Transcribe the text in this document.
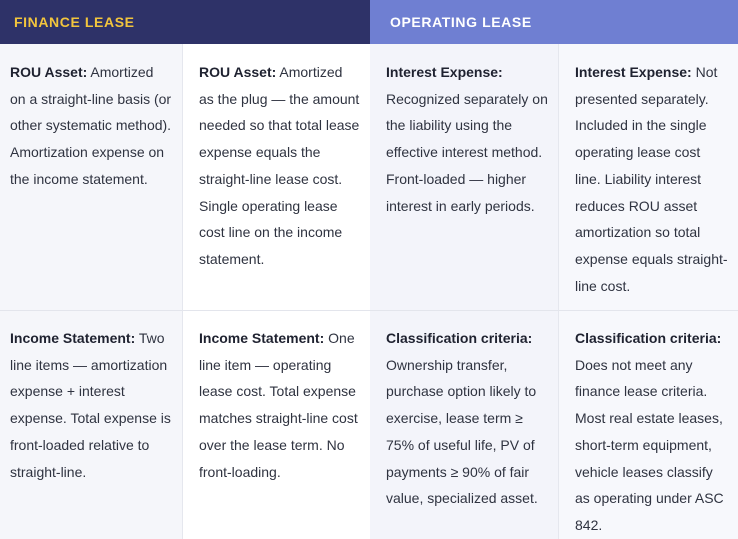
FINANCE LEASE	OPERATING LEASE
ROU Asset: Amortized on a straight-line basis (or other systematic method). Amortization expense on the income statement.
ROU Asset: Amortized as the plug — the amount needed so that total lease expense equals the straight-line lease cost. Single operating lease cost line on the income statement.
Interest Expense: Recognized separately on the liability using the effective interest method. Front-loaded — higher interest in early periods.
Interest Expense: Not presented separately. Included in the single operating lease cost line. Liability interest reduces ROU asset amortization so total expense equals straight-line cost.
Income Statement: Two line items — amortization expense + interest expense. Total expense is front-loaded relative to straight-line.
Income Statement: One line item — operating lease cost. Total expense matches straight-line cost over the lease term. No front-loading.
Classification criteria: Ownership transfer, purchase option likely to exercise, lease term ≥ 75% of useful life, PV of payments ≥ 90% of fair value, specialized asset.
Classification criteria: Does not meet any finance lease criteria. Most real estate leases, short-term equipment, vehicle leases classify as operating under ASC 842.
